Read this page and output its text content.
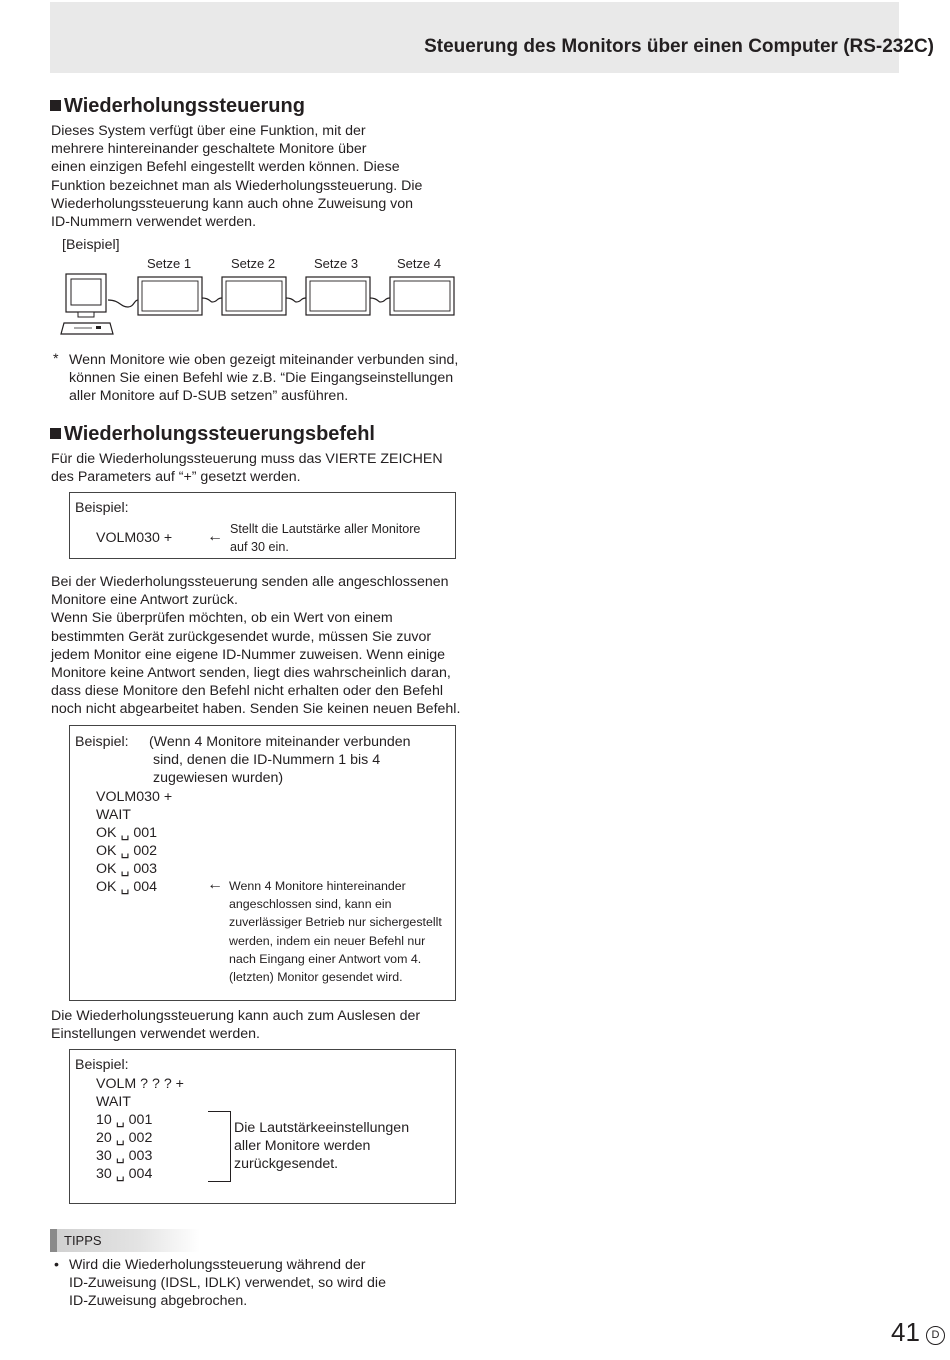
Steuerung des Monitors über einen Computer (RS-232C)
Wiederholungssteuerung
Dieses System verfügt über eine Funktion, mit der
mehrere hintereinander geschaltete Monitore über
einen einzigen Befehl eingestellt werden können. Diese
Funktion bezeichnet man als Wiederholungssteuerung. Die
Wiederholungssteuerung kann auch ohne Zuweisung von
ID-Nummern verwendet werden.
[Beispiel]
Setze 1	Setze 2	Setze 3	Setze 4
* Wenn Monitore wie oben gezeigt miteinander verbunden sind,
können Sie einen Befehl wie z.B. “Die Eingangseinstellungen
aller Monitore auf D-SUB setzen” ausführen.
Wiederholungssteuerungsbefehl
Für die Wiederholungssteuerung muss das VIERTE ZEICHEN
des Parameters auf “+” gesetzt werden.
Beispiel:
VOLM030 + ← Stellt die Lautstärke aller Monitore
auf 30 ein.
Bei der Wiederholungssteuerung senden alle angeschlossenen
Monitore eine Antwort zurück.
Wenn Sie überprüfen möchten, ob ein Wert von einem
bestimmten Gerät zurückgesendet wurde, müssen Sie zuvor
jedem Monitor eine eigene ID-Nummer zuweisen. Wenn einige
Monitore keine Antwort senden, liegt dies wahrscheinlich daran,
dass diese Monitore den Befehl nicht erhalten oder den Befehl
noch nicht abgearbeitet haben. Senden Sie keinen neuen Befehl.
Beispiel: (Wenn 4 Monitore miteinander verbunden
sind, denen die ID-Nummern 1 bis 4
zugewiesen wurden)
VOLM030 +
WAIT
OK ␣ 001
OK ␣ 002
OK ␣ 003
OK ␣ 004	← Wenn 4 Monitore hintereinander
angeschlossen sind, kann ein
zuverlässiger Betrieb nur sichergestellt
werden, indem ein neuer Befehl nur
nach Eingang einer Antwort vom 4.
(letzten) Monitor gesendet wird.
Die Wiederholungssteuerung kann auch zum Auslesen der
Einstellungen verwendet werden.
Beispiel:
VOLM ? ? ? +
WAIT
10 ␣ 001
20 ␣ 002
30 ␣ 003
30 ␣ 004
Die Lautstärkeeinstellungen
aller Monitore werden
zurückgesendet.
TIPPS
• Wird die Wiederholungssteuerung während der
ID-Zuweisung (IDSL, IDLK) verwendet, so wird die
ID-Zuweisung abgebrochen.
41	D
